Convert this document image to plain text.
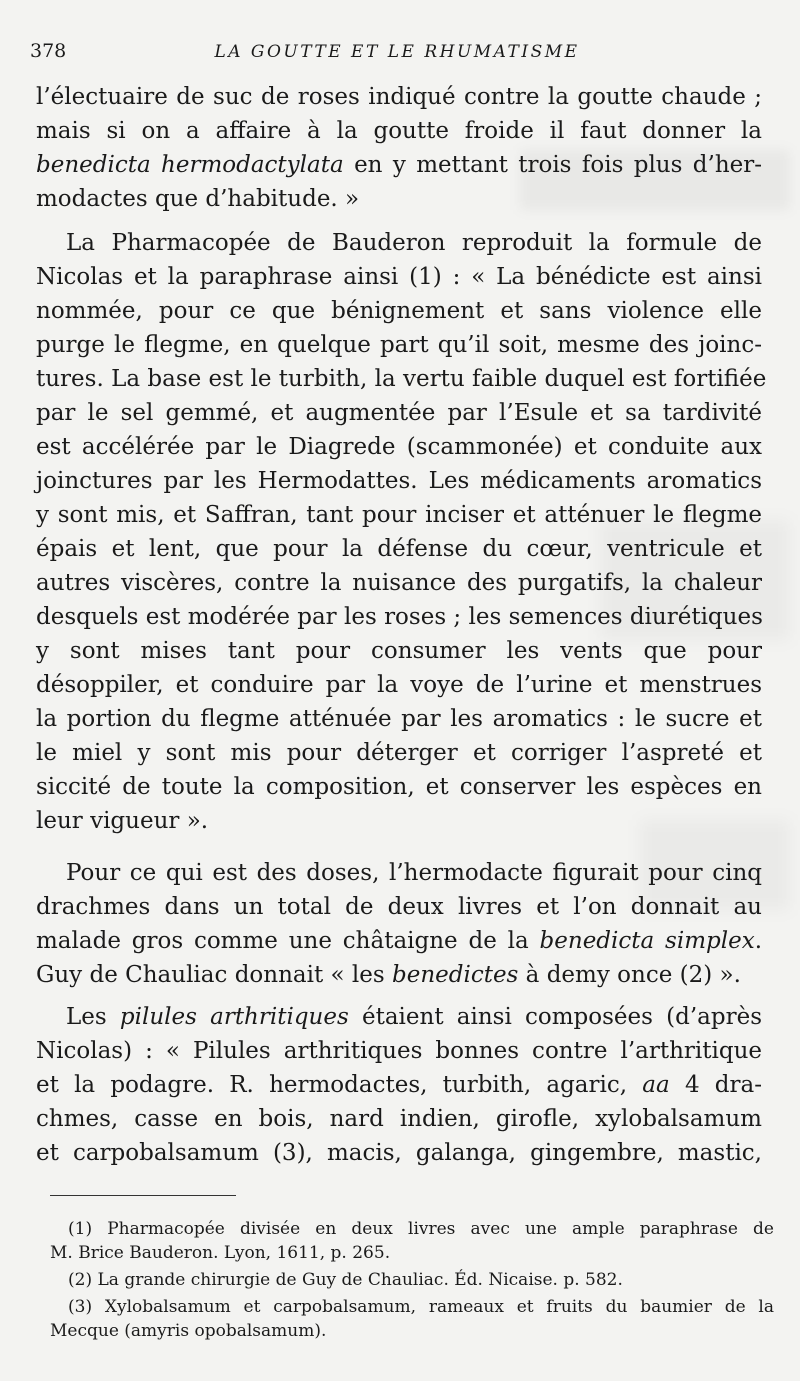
378	LA GOUTTE ET LE RHUMATISME
l’électuaire de suc de roses indiqué contre la goutte chaude ;
mais si on a affaire à la goutte froide il faut donner la
benedicta hermodactylata en y mettant trois fois plus d’her-
modactes que d’habitude. »
La Pharmacopée de Bauderon reproduit la formule de
Nicolas et la paraphrase ainsi (1) : « La bénédicte est ainsi
nommée, pour ce que bénignement et sans violence elle
purge le flegme, en quelque part qu’il soit, mesme des joinc-
tures. La base est le turbith, la vertu faible duquel est fortifiée
par le sel gemmé, et augmentée par l’Esule et sa tardivité
est accélérée par le Diagrede (scammonée) et conduite aux
joinctures par les Hermodattes. Les médicaments aromatics
y sont mis, et Saffran, tant pour inciser et atténuer le flegme
épais et lent, que pour la défense du cœur, ventricule et
autres viscères, contre la nuisance des purgatifs, la chaleur
desquels est modérée par les roses ; les semences diurétiques
y sont mises tant pour consumer les vents que pour
désoppiler, et conduire par la voye de l’urine et menstrues
la portion du flegme atténuée par les aromatics : le sucre et
le miel y sont mis pour déterger et corriger l’aspreté et
siccité de toute la composition, et conserver les espèces en
leur vigueur ».
Pour ce qui est des doses, l’hermodacte figurait pour cinq
drachmes dans un total de deux livres et l’on donnait au
malade gros comme une châtaigne de la benedicta simplex.
Guy de Chauliac donnait « les benedictes à demy once (2) ».
Les pilules arthritiques étaient ainsi composées (d’après
Nicolas) : « Pilules arthritiques bonnes contre l’arthritique
et la podagre. R. hermodactes, turbith, agaric, aa 4 dra-
chmes, casse en bois, nard indien, girofle, xylobalsamum
et carpobalsamum (3), macis, galanga, gingembre, mastic,
(1) Pharmacopée divisée en deux livres avec une ample paraphrase de
M. Brice Bauderon. Lyon, 1611, p. 265.
(2) La grande chirurgie de Guy de Chauliac. Éd. Nicaise. p. 582.
(3) Xylobalsamum et carpobalsamum, rameaux et fruits du baumier de la
Mecque (amyris opobalsamum).
